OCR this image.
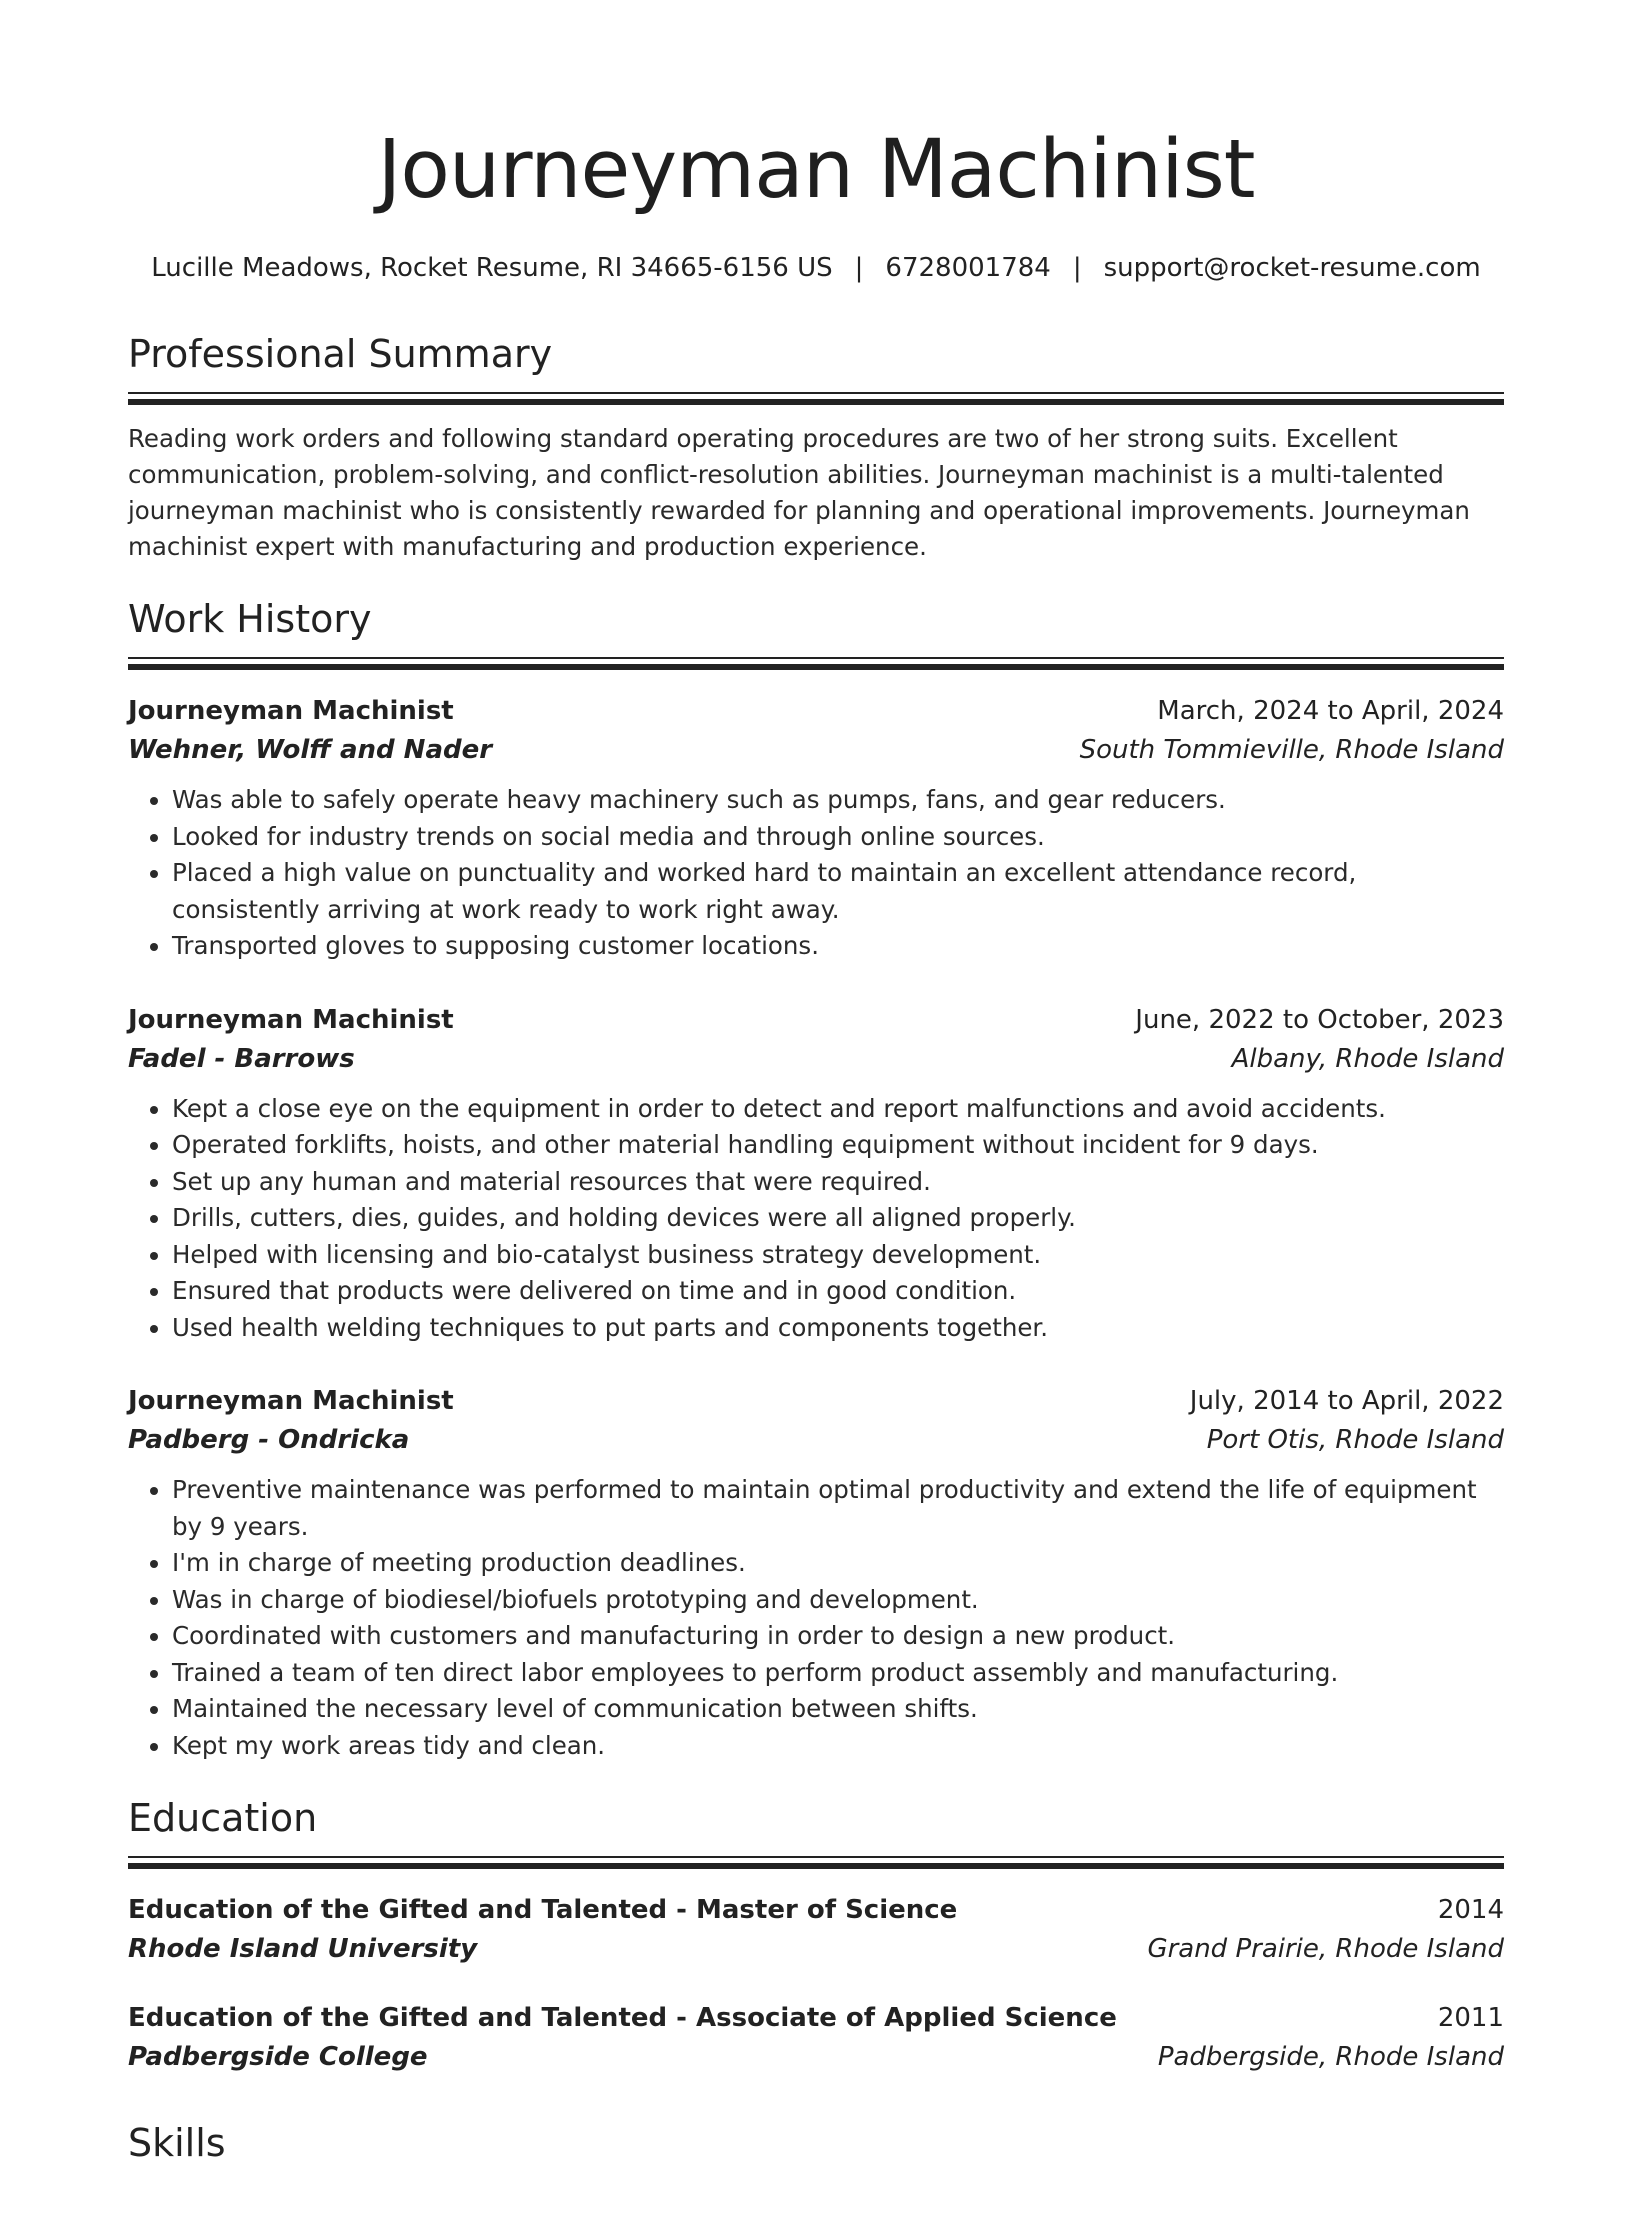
Journeyman Machinist
Lucille Meadows, Rocket Resume, RI 34665-6156 US | 6728001784 | support@rocket-resume.com
Professional Summary

Reading work orders and following standard operating procedures are two of her strong suits. Excellent communication, problem-solving, and conflict-resolution abilities. Journeyman machinist is a multi-talented journeyman machinist who is consistently rewarded for planning and operational improvements. Journeyman machinist expert with manufacturing and production experience.

Work History
Journeyman Machinist	March, 2024 to April, 2024
Wehner, Wolff and Nader	South Tommieville, Rhode Island
• Was able to safely operate heavy machinery such as pumps, fans, and gear reducers.
• Looked for industry trends on social media and through online sources.
• Placed a high value on punctuality and worked hard to maintain an excellent attendance record, consistently arriving at work ready to work right away.
• Transported gloves to supposing customer locations.
Journeyman Machinist	June, 2022 to October, 2023
Fadel - Barrows	Albany, Rhode Island
• Kept a close eye on the equipment in order to detect and report malfunctions and avoid accidents.
• Operated forklifts, hoists, and other material handling equipment without incident for 9 days.
• Set up any human and material resources that were required.
• Drills, cutters, dies, guides, and holding devices were all aligned properly.
• Helped with licensing and bio-catalyst business strategy development.
• Ensured that products were delivered on time and in good condition.
• Used health welding techniques to put parts and components together.
Journeyman Machinist	July, 2014 to April, 2022
Padberg - Ondricka	Port Otis, Rhode Island
• Preventive maintenance was performed to maintain optimal productivity and extend the life of equipment by 9 years.
• I'm in charge of meeting production deadlines.
• Was in charge of biodiesel/biofuels prototyping and development.
• Coordinated with customers and manufacturing in order to design a new product.
• Trained a team of ten direct labor employees to perform product assembly and manufacturing.
• Maintained the necessary level of communication between shifts.
• Kept my work areas tidy and clean.
Education
Education of the Gifted and Talented - Master of Science	2014
Rhode Island University	Grand Prairie, Rhode Island
Education of the Gifted and Talented - Associate of Applied Science	2011
Padbergside College	Padbergside, Rhode Island
Skills
